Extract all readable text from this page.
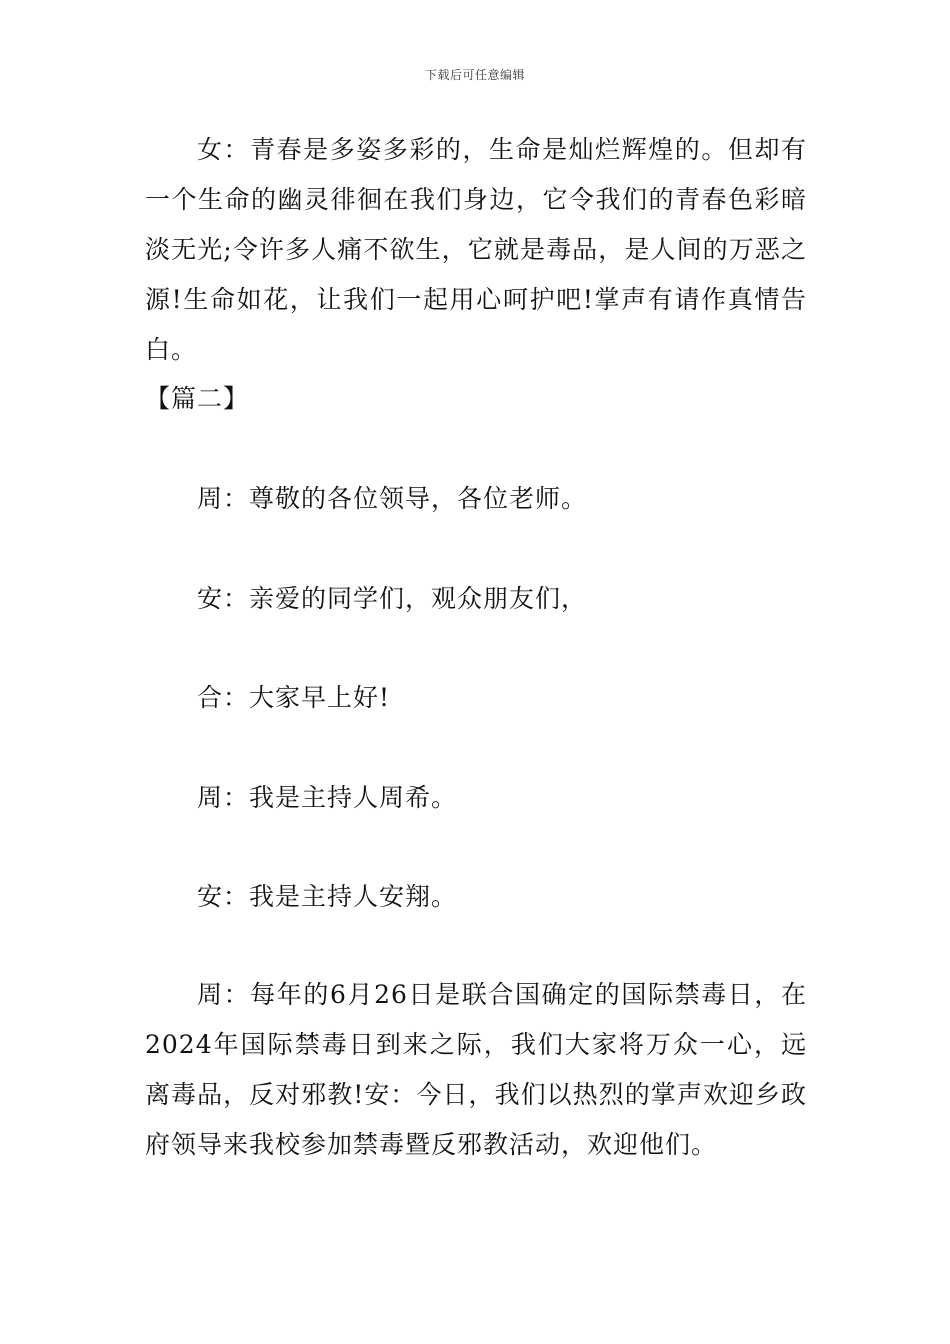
下载后可任意编辑

女：青春是多姿多彩的，生命是灿烂辉煌的。但却有一个生命的幽灵徘徊在我们身边，它令我们的青春色彩暗淡无光;令许多人痛不欲生，它就是毒品，是人间的万恶之源!生命如花，让我们一起用心呵护吧!掌声有请作真情告白。

【篇二】

周：尊敬的各位领导，各位老师。

安：亲爱的同学们，观众朋友们，

合：大家早上好!

周：我是主持人周希。

安：我是主持人安翔。

周：每年的6月26日是联合国确定的国际禁毒日，在2024年国际禁毒日到来之际，我们大家将万众一心，远离毒品，反对邪教!安：今日，我们以热烈的掌声欢迎乡政府领导来我校参加禁毒暨反邪教活动，欢迎他们。
